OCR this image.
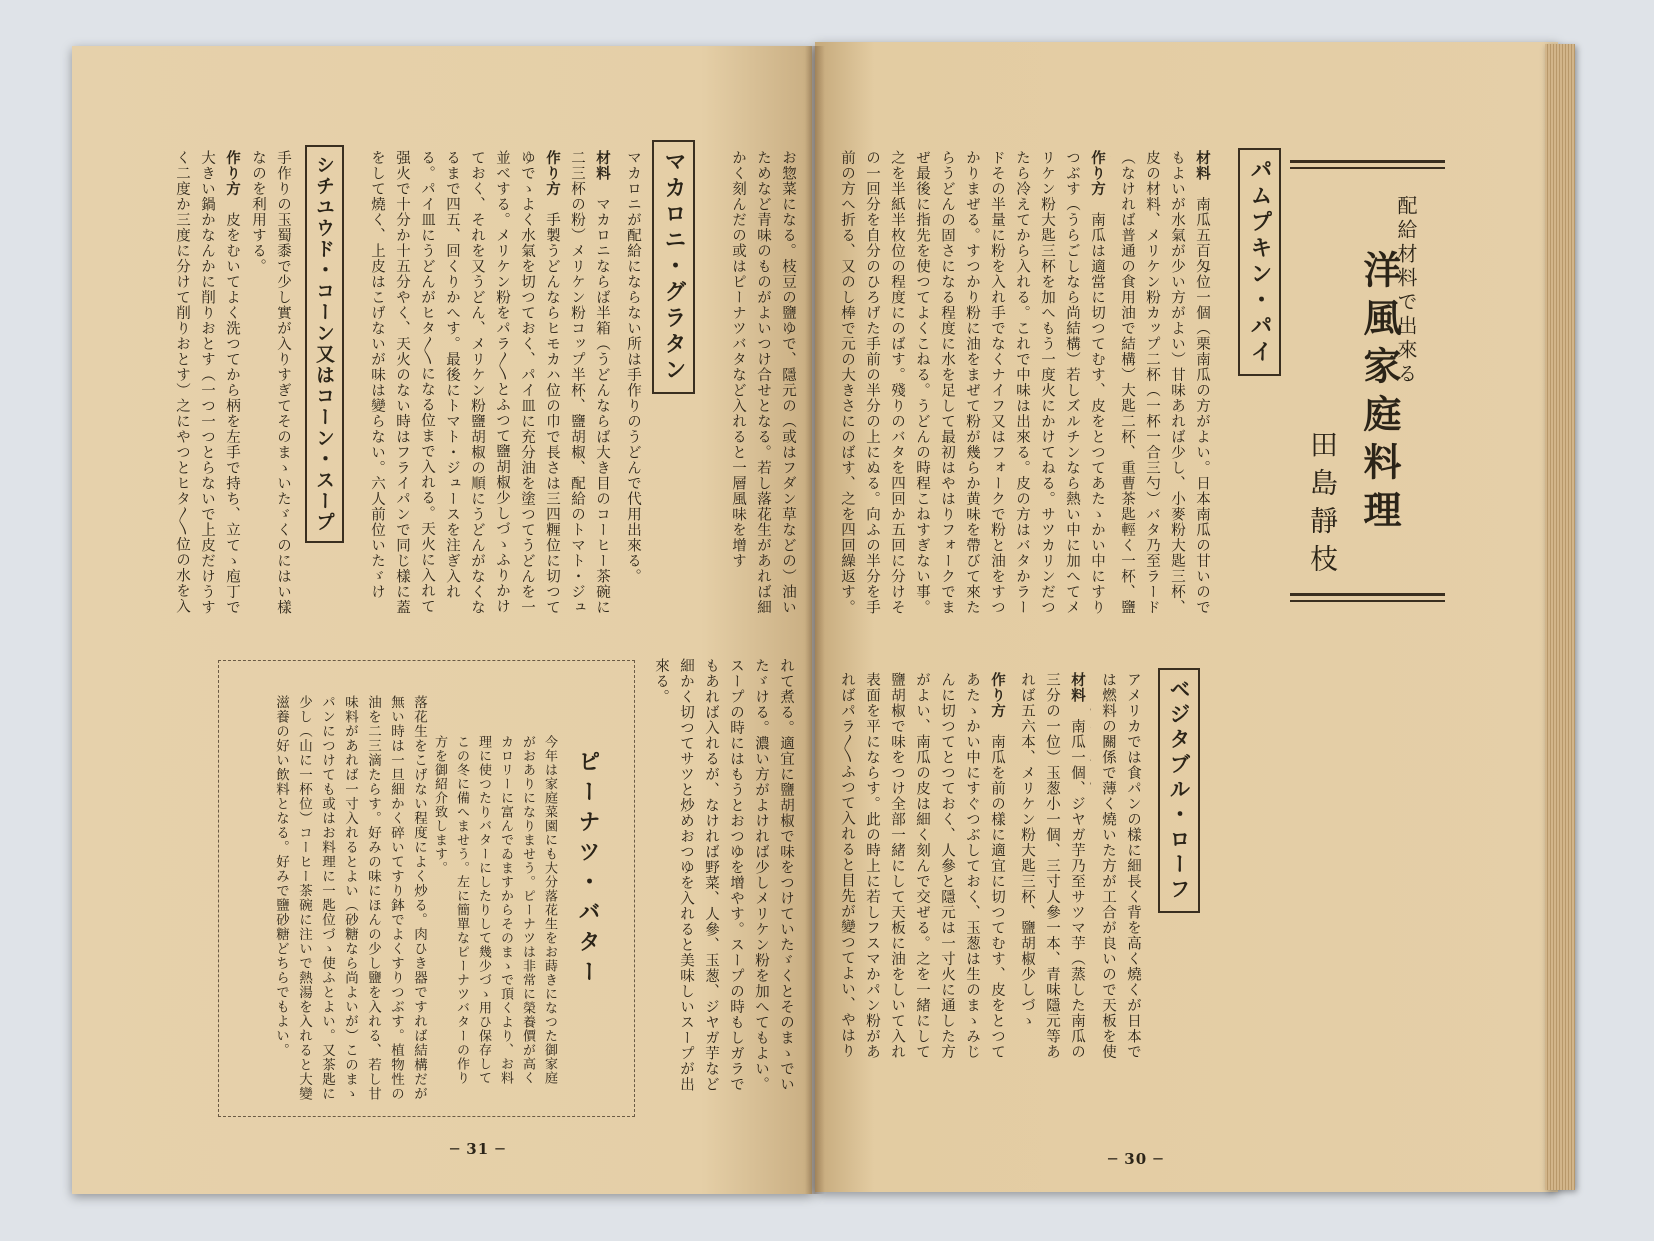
配給材料で出來る
洋風家庭料理
田島靜枝
パムプキン・パイ
材料　南瓜五百匁位一個（栗南瓜の方がよい。日本南瓜の甘いのでもよいが水氣が少い方がよい）甘味あれば少し、小麥粉大匙三杯、皮の材料、メリケン粉カップ二杯（一杯一合三勺）バタ乃至ラード（なければ普通の食用油で結構）大匙二杯、重曹茶匙輕く一杯、鹽
作り方　南瓜は適當に切つてむす、皮をとつてあたゝかい中にすりつぶす（うらごしなら尚結構）若しズルチンなら熱い中に加へてメリケン粉大匙三杯を加へもう一度火にかけてねる。サツカリンだつたら冷えてから入れる。これで中味は出來る。皮の方はバタかラードその半量に粉を入れ手でなくナイフ又はフォークで粉と油をすつかりまぜる。すつかり粉に油をまぜて粉が幾らか黄味を帶びて來たらうどんの固さになる程度に水を足して最初はやはりフォークでまぜ最後に指先を使つてよくこねる。うどんの時程こねすぎない事。之を半紙半枚位の程度にのばす。殘りのバタを四回か五回に分けその一回分を自分のひろげた手前の半分の上にぬる。向ふの半分を手前の方へ折る、又のし棒で元の大きさにのばす、之を四回繰返す。
ベジタブル・ローフ
アメリカでは食パンの樣に細長く背を高く燒くが日本では燃料の關係で薄く燒いた方が工合が良いので天板を使
材料　南瓜一個、ジヤガ芋乃至サツマ芋（蒸した南瓜の三分の一位）玉葱小一個、三寸人參一本、青味隱元等あれば五六本、メリケン粉大匙三杯、鹽胡椒少しづゝ
作り方　南瓜を前の樣に適宜に切つてむす、皮をとつてあたゝかい中にすぐつぶしておく、玉葱は生のまゝみじんに切つてとつておく、人參と隱元は一寸火に通した方がよい、南瓜の皮は細く刻んで交ぜる。之を一緒にして鹽胡椒で味をつけ全部一緒にして天板に油をしいて入れ表面を平にならす。此の時上に若しフスマかパン粉があればパラ〱ふつて入れると目先が變つてよい、やはり
─ 30 ─
お惣菜になる。枝豆の鹽ゆで、隱元の（或はフダン草などの）油いためなど青味のものがよいつけ合せとなる。若し落花生があれば細かく刻んだの或はピーナツバタなど入れると一層風味を增す
マカロニ・グラタン
マカロニが配給にならない所は手作りのうどんで代用出來る。
材料　マカロニならば半箱（うどんならば大き目のコーヒー茶碗に二三杯の粉）メリケン粉コップ半杯、鹽胡椒、配給のトマト・ジュ
作り方　手製うどんならヒモカハ位の巾で長さは三四糎位に切つてゆでゝよく水氣を切つておく、パイ皿に充分油を塗つてうどんを一並べする。メリケン粉をパラ〱とふつて鹽胡椒少しづゝふりかけておく、それを又うどん、メリケン粉鹽胡椒の順にうどんがなくなるまで四五、回くりかへす。最後にトマト・ジュースを注ぎ入れる。パイ皿にうどんがヒタ〱になる位まで入れる。天火に入れて强火で十分か十五分やく、天火のない時はフライパンで同じ樣に蓋をして燒く、上皮はこげないが味は變らない。六人前位いたゞけ
シチユウド・コーン又はコーン・スープ
手作りの玉蜀黍で少し實が入りすぎてそのまゝいたゞくのにはい樣なのを利用する。
作り方　皮をむいてよく洗つてから柄を左手で持ち、立てゝ庖丁で大きい鍋かなんかに削りおとす（一つ一つとらないで上皮だけうすく二度か三度に分けて削りおとす）之にやつとヒタ〱位の水を入
れて煮る。適宜に鹽胡椒で味をつけていたゞくとそのまゝでいたゞける。濃い方がよければ少しメリケン粉を加へてもよい。スープの時にはもうとおつゆを增やす。スープの時もしガラでもあれば入れるが、なければ野菜、人參、玉葱、ジヤガ芋など細かく切つてサツと炒めおつゆを入れると美味しいスープが出來る。
ピーナツ・バター
今年は家庭菜園にも大分落花生をお蒔きになつた御家庭がおありになりませう。ピーナツは非常に榮養價が高くカロリーに富んでゐますからそのまゝで頂くより、お料理に使つたりバターにしたりして幾少づゝ用ひ保存してこの冬に備へませう。左に簡單なピーナツバターの作り方を御紹介致します。
落花生をこげない程度によく炒る。肉ひき器ですれば結構だが無い時は一旦細かく碎いてすり鉢でよくすりつぶす。植物性の油を二三滴たらす。好みの味にほんの少し鹽を入れる、若し甘味料があれば一寸入れるとよい（砂糖なら尚よいが）このまゝパンにつけても或はお料理に一匙位づゝ使ふとよい。又茶匙に少し（山に一杯位）コーヒー茶碗に注いで熱湯を入れると大變滋養の好い飲料となる。好みで鹽砂糖どちらでもよい。
─ 31 ─
